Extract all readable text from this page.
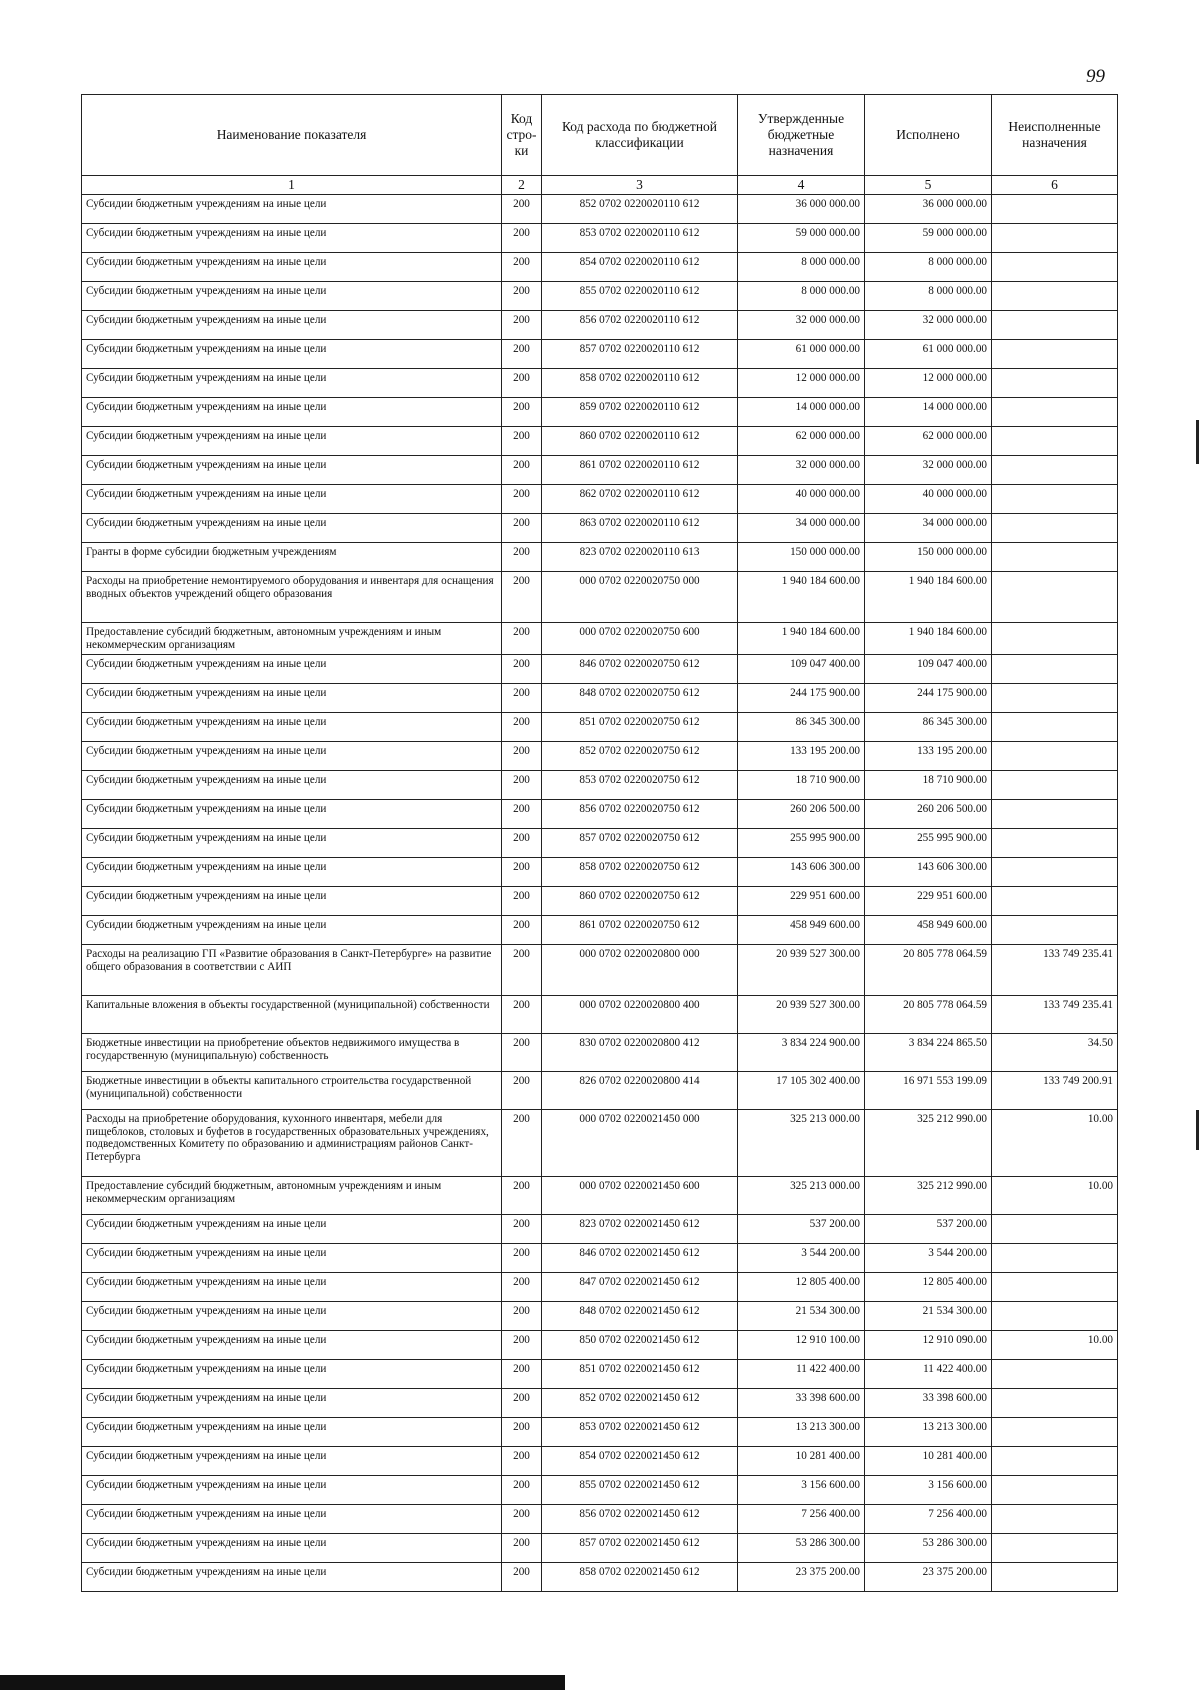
99
Наименование показателя	Код стро- ки	Код расхода по бюджетной классификации	Утвержденные бюджетные назначения	Исполнено	Неисполненные назначения
1	2	3	4	5	6
Субсидии бюджетным учреждениям на иные цели	200	852 0702 0220020110 612	36 000 000.00	36 000 000.00	
Субсидии бюджетным учреждениям на иные цели	200	853 0702 0220020110 612	59 000 000.00	59 000 000.00	
Субсидии бюджетным учреждениям на иные цели	200	854 0702 0220020110 612	8 000 000.00	8 000 000.00	
Субсидии бюджетным учреждениям на иные цели	200	855 0702 0220020110 612	8 000 000.00	8 000 000.00	
Субсидии бюджетным учреждениям на иные цели	200	856 0702 0220020110 612	32 000 000.00	32 000 000.00	
Субсидии бюджетным учреждениям на иные цели	200	857 0702 0220020110 612	61 000 000.00	61 000 000.00	
Субсидии бюджетным учреждениям на иные цели	200	858 0702 0220020110 612	12 000 000.00	12 000 000.00	
Субсидии бюджетным учреждениям на иные цели	200	859 0702 0220020110 612	14 000 000.00	14 000 000.00	
Субсидии бюджетным учреждениям на иные цели	200	860 0702 0220020110 612	62 000 000.00	62 000 000.00	
Субсидии бюджетным учреждениям на иные цели	200	861 0702 0220020110 612	32 000 000.00	32 000 000.00	
Субсидии бюджетным учреждениям на иные цели	200	862 0702 0220020110 612	40 000 000.00	40 000 000.00	
Субсидии бюджетным учреждениям на иные цели	200	863 0702 0220020110 612	34 000 000.00	34 000 000.00	
Гранты в форме субсидии бюджетным учреждениям	200	823 0702 0220020110 613	150 000 000.00	150 000 000.00	
Расходы на приобретение немонтируемого оборудования и инвентаря для оснащения вводных объектов учреждений общего образования	200	000 0702 0220020750 000	1 940 184 600.00	1 940 184 600.00	
Предоставление субсидий бюджетным, автономным учреждениям и иным некоммерческим организациям	200	000 0702 0220020750 600	1 940 184 600.00	1 940 184 600.00	
Субсидии бюджетным учреждениям на иные цели	200	846 0702 0220020750 612	109 047 400.00	109 047 400.00	
Субсидии бюджетным учреждениям на иные цели	200	848 0702 0220020750 612	244 175 900.00	244 175 900.00	
Субсидии бюджетным учреждениям на иные цели	200	851 0702 0220020750 612	86 345 300.00	86 345 300.00	
Субсидии бюджетным учреждениям на иные цели	200	852 0702 0220020750 612	133 195 200.00	133 195 200.00	
Субсидии бюджетным учреждениям на иные цели	200	853 0702 0220020750 612	18 710 900.00	18 710 900.00	
Субсидии бюджетным учреждениям на иные цели	200	856 0702 0220020750 612	260 206 500.00	260 206 500.00	
Субсидии бюджетным учреждениям на иные цели	200	857 0702 0220020750 612	255 995 900.00	255 995 900.00	
Субсидии бюджетным учреждениям на иные цели	200	858 0702 0220020750 612	143 606 300.00	143 606 300.00	
Субсидии бюджетным учреждениям на иные цели	200	860 0702 0220020750 612	229 951 600.00	229 951 600.00	
Субсидии бюджетным учреждениям на иные цели	200	861 0702 0220020750 612	458 949 600.00	458 949 600.00	
Расходы на реализацию ГП «Развитие образования в Санкт-Петербурге» на развитие общего образования в соответствии с АИП	200	000 0702 0220020800 000	20 939 527 300.00	20 805 778 064.59	133 749 235.41
Капитальные вложения в объекты государственной (муниципальной) собственности	200	000 0702 0220020800 400	20 939 527 300.00	20 805 778 064.59	133 749 235.41
Бюджетные инвестиции на приобретение объектов недвижимого имущества в государственную (муниципальную) собственность	200	830 0702 0220020800 412	3 834 224 900.00	3 834 224 865.50	34.50
Бюджетные инвестиции в объекты капитального строительства государственной (муниципальной) собственности	200	826 0702 0220020800 414	17 105 302 400.00	16 971 553 199.09	133 749 200.91
Расходы на приобретение оборудования, кухонного инвентаря, мебели для пищеблоков, столовых и буфетов в государственных образовательных учреждениях, подведомственных Комитету по образованию и администрациям районов Санкт-Петербурга	200	000 0702 0220021450 000	325 213 000.00	325 212 990.00	10.00
Предоставление субсидий бюджетным, автономным учреждениям и иным некоммерческим организациям	200	000 0702 0220021450 600	325 213 000.00	325 212 990.00	10.00
Субсидии бюджетным учреждениям на иные цели	200	823 0702 0220021450 612	537 200.00	537 200.00	
Субсидии бюджетным учреждениям на иные цели	200	846 0702 0220021450 612	3 544 200.00	3 544 200.00	
Субсидии бюджетным учреждениям на иные цели	200	847 0702 0220021450 612	12 805 400.00	12 805 400.00	
Субсидии бюджетным учреждениям на иные цели	200	848 0702 0220021450 612	21 534 300.00	21 534 300.00	
Субсидии бюджетным учреждениям на иные цели	200	850 0702 0220021450 612	12 910 100.00	12 910 090.00	10.00
Субсидии бюджетным учреждениям на иные цели	200	851 0702 0220021450 612	11 422 400.00	11 422 400.00	
Субсидии бюджетным учреждениям на иные цели	200	852 0702 0220021450 612	33 398 600.00	33 398 600.00	
Субсидии бюджетным учреждениям на иные цели	200	853 0702 0220021450 612	13 213 300.00	13 213 300.00	
Субсидии бюджетным учреждениям на иные цели	200	854 0702 0220021450 612	10 281 400.00	10 281 400.00	
Субсидии бюджетным учреждениям на иные цели	200	855 0702 0220021450 612	3 156 600.00	3 156 600.00	
Субсидии бюджетным учреждениям на иные цели	200	856 0702 0220021450 612	7 256 400.00	7 256 400.00	
Субсидии бюджетным учреждениям на иные цели	200	857 0702 0220021450 612	53 286 300.00	53 286 300.00	
Субсидии бюджетным учреждениям на иные цели	200	858 0702 0220021450 612	23 375 200.00	23 375 200.00	
